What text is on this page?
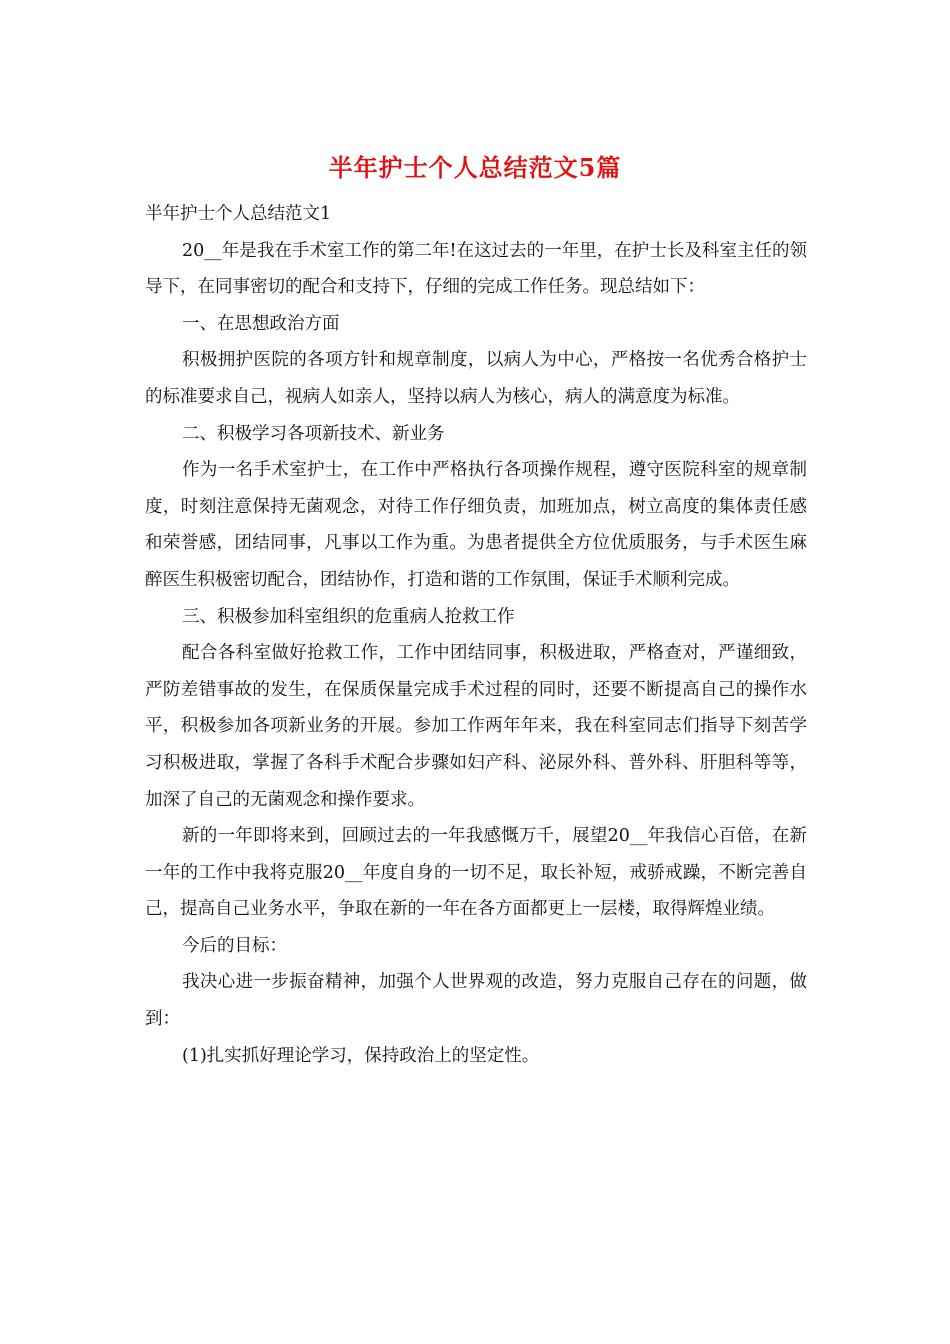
半年护士个人总结范文5篇

半年护士个人总结范文1

20__年是我在手术室工作的第二年!在这过去的一年里，在护士长及科室主任的领导下，在同事密切的配合和支持下，仔细的完成工作任务。现总结如下：

一、在思想政治方面

积极拥护医院的各项方针和规章制度，以病人为中心，严格按一名优秀合格护士的标准要求自己，视病人如亲人，坚持以病人为核心，病人的满意度为标准。

二、积极学习各项新技术、新业务

作为一名手术室护士，在工作中严格执行各项操作规程，遵守医院科室的规章制度，时刻注意保持无菌观念，对待工作仔细负责，加班加点，树立高度的集体责任感和荣誉感，团结同事，凡事以工作为重。为患者提供全方位优质服务，与手术医生麻醉医生积极密切配合，团结协作，打造和谐的工作氛围，保证手术顺利完成。

三、积极参加科室组织的危重病人抢救工作

配合各科室做好抢救工作，工作中团结同事，积极进取，严格查对，严谨细致，严防差错事故的发生，在保质保量完成手术过程的同时，还要不断提高自己的操作水平，积极参加各项新业务的开展。参加工作两年年来，我在科室同志们指导下刻苦学习积极进取，掌握了各科手术配合步骤如妇产科、泌尿外科、普外科、肝胆科等等，加深了自己的无菌观念和操作要求。

新的一年即将来到，回顾过去的一年我感慨万千，展望20__年我信心百倍，在新一年的工作中我将克服20__年度自身的一切不足，取长补短，戒骄戒躁，不断完善自己，提高自己业务水平，争取在新的一年在各方面都更上一层楼，取得辉煌业绩。

今后的目标：

我决心进一步振奋精神，加强个人世界观的改造，努力克服自己存在的问题，做到：

(1)扎实抓好理论学习，保持政治上的坚定性。
